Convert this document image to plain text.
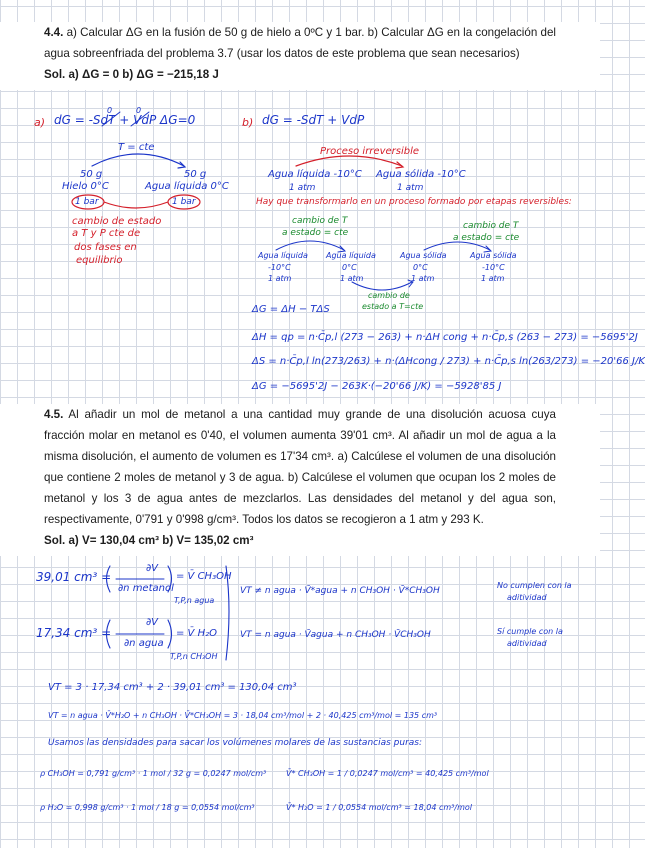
4.4. a) Calcular ΔG en la fusión de 50 g de hielo a 0ºC y 1 bar. b) Calcular ΔG en la congelación del agua sobreenfriada del problema 3.7 (usar los datos de este problema que sean necesarios)
Sol. a) ΔG = 0 b) ΔG = −215,18 J
a) dG = -SdT + VdP ΔG=0
0	0
T = cte
50 g
Hielo 0°C
1 bar
50 g
Agua líquida 0°C
1 bar
cambio de estado
a T y P cte de
dos fases en
equilibrio
b) dG = -SdT + VdP
Proceso irreversible
Agua líquida -10°C
1 atm
Agua sólida -10°C
1 atm
Hay que transformarlo en un proceso formado por etapas reversibles:
cambio de T
a estado = cte
cambio de T
a estado = cte
Agua líquida
-10°C
1 atm
Agua líquida
0°C
1 atm
Agua sólida
0°C
1 atm
Agua sólida
-10°C
1 atm
cambio de
estado a T=cte
ΔG = ΔH − TΔS
ΔH = qp = n·C̄p,l (273 − 263) + n·ΔH cong + n·C̄p,s (263 − 273) = −5695'2J
ΔS = n·C̄p,l ln(273/263) + n·(ΔHcong / 273) + n·C̄p,s ln(263/273) = −20'66 J/K
ΔG = −5695'2J − 263K·(−20'66 J/K) = −5928'85 J
4.5. Al añadir un mol de metanol a una cantidad muy grande de una disolución acuosa cuya fracción molar en metanol es 0'40, el volumen aumenta 39'01 cm³. Al añadir un mol de agua a la misma disolución, el aumento de volumen es 17'34 cm³. a) Calcúlese el volumen de una disolución que contiene 2 moles de metanol y 3 de agua. b) Calcúlese el volumen que ocupan los 2 moles de metanol y los 3 de agua antes de mezclarlos. Las densidades del metanol y del agua son, respectivamente, 0'791 y 0'998 g/cm³. Todos los datos se recogieron a 1 atm y 293 K.
Sol. a) V= 130,04 cm³ b) V= 135,02 cm³
39,01 cm³ =
∂V
∂n metanol
T,P,n agua
= V̄ CH₃OH
17,34 cm³ =
∂V
∂n agua
T,P,n CH₃OH
= V̄ H₂O
VT ≠ n agua · V̄*agua + n CH₃OH · V̄*CH₃OH
No cumplen con la
aditividad
VT = n agua · V̄agua + n CH₃OH · V̄CH₃OH	Sí cumple con la
aditividad
VT = 3 · 17,34 cm³ + 2 · 39,01 cm³ = 130,04 cm³
VT = n agua · V̄*H₂O + n CH₃OH · V̄*CH₃OH = 3 · 18,04 cm³/mol + 2 · 40,425 cm³/mol = 135 cm³
Usamos las densidades para sacar los volúmenes molares de las sustancias puras:
ρ CH₃OH = 0,791 g/cm³ · 1 mol / 32 g = 0,0247 mol/cm³ V̄* CH₃OH = 1 / 0,0247 mol/cm³ = 40,425 cm³/mol
ρ H₂O = 0,998 g/cm³ · 1 mol / 18 g = 0,0554 mol/cm³	V̄* H₂O = 1 / 0,0554 mol/cm³ = 18,04 cm³/mol
